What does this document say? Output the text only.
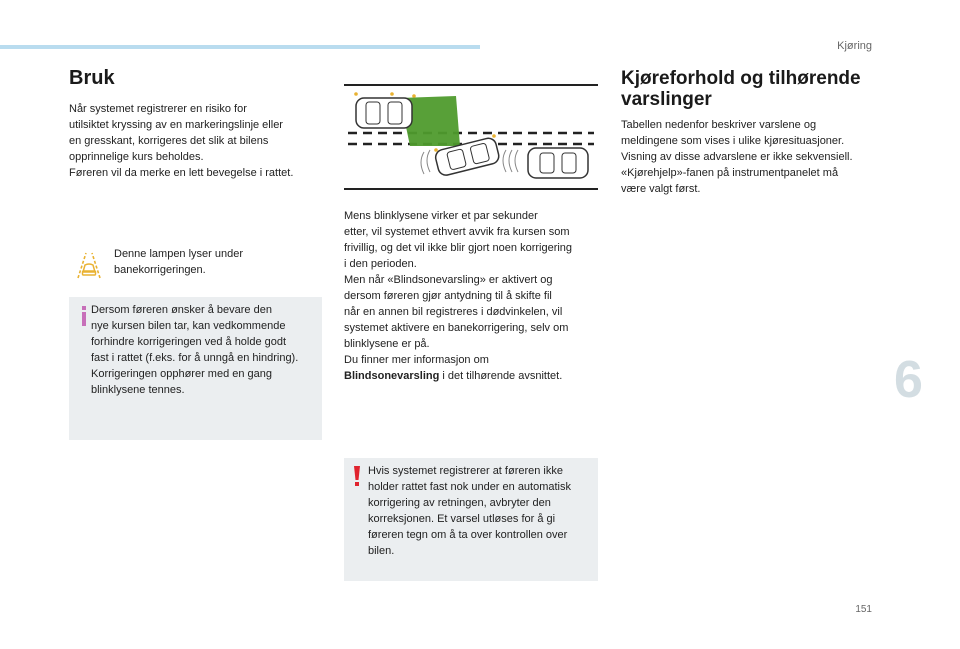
Kjøring
Bruk

Når systemet registrerer en risiko for

utilsiktet kryssing av en markeringslinje eller

en gresskant, korrigeres det slik at bilens

opprinnelige kurs beholdes.

Føreren vil da merke en lett bevegelse i rattet.

Denne lampen lyser under
banekorrigeringen.
Dersom føreren ønsker å bevare den
nye kursen bilen tar, kan vedkommende
forhindre korrigeringen ved å holde godt
fast i rattet (f.eks. for å unngå en hindring).
Korrigeringen opphører med en gang
blinklysene tennes.

Mens blinklysene virker et par sekunder

etter, vil systemet ethvert avvik fra kursen som

frivillig, og det vil ikke blir gjort noen korrigering

i den perioden.

Men når «Blindsonevarsling» er aktivert og

dersom føreren gjør antydning til å skifte fil

når en annen bil registreres i dødvinkelen, vil

systemet aktivere en banekorrigering, selv om

blinklysene er på.

Du finner mer informasjon om

Blindsonevarsling i det tilhørende avsnittet.

Hvis systemet registrerer at føreren ikke
holder rattet fast nok under en automatisk
korrigering av retningen, avbryter den
korreksjonen. Et varsel utløses for å gi
føreren tegn om å ta over kontrollen over
bilen.
Kjøreforhold og tilhørende
varslinger

Tabellen nedenfor beskriver varslene og

meldingene som vises i ulike kjøresituasjoner.

Visning av disse advarslene er ikke sekvensiell.

«Kjørehjelp»-fanen på instrumentpanelet må

være valgt først.

6
151
